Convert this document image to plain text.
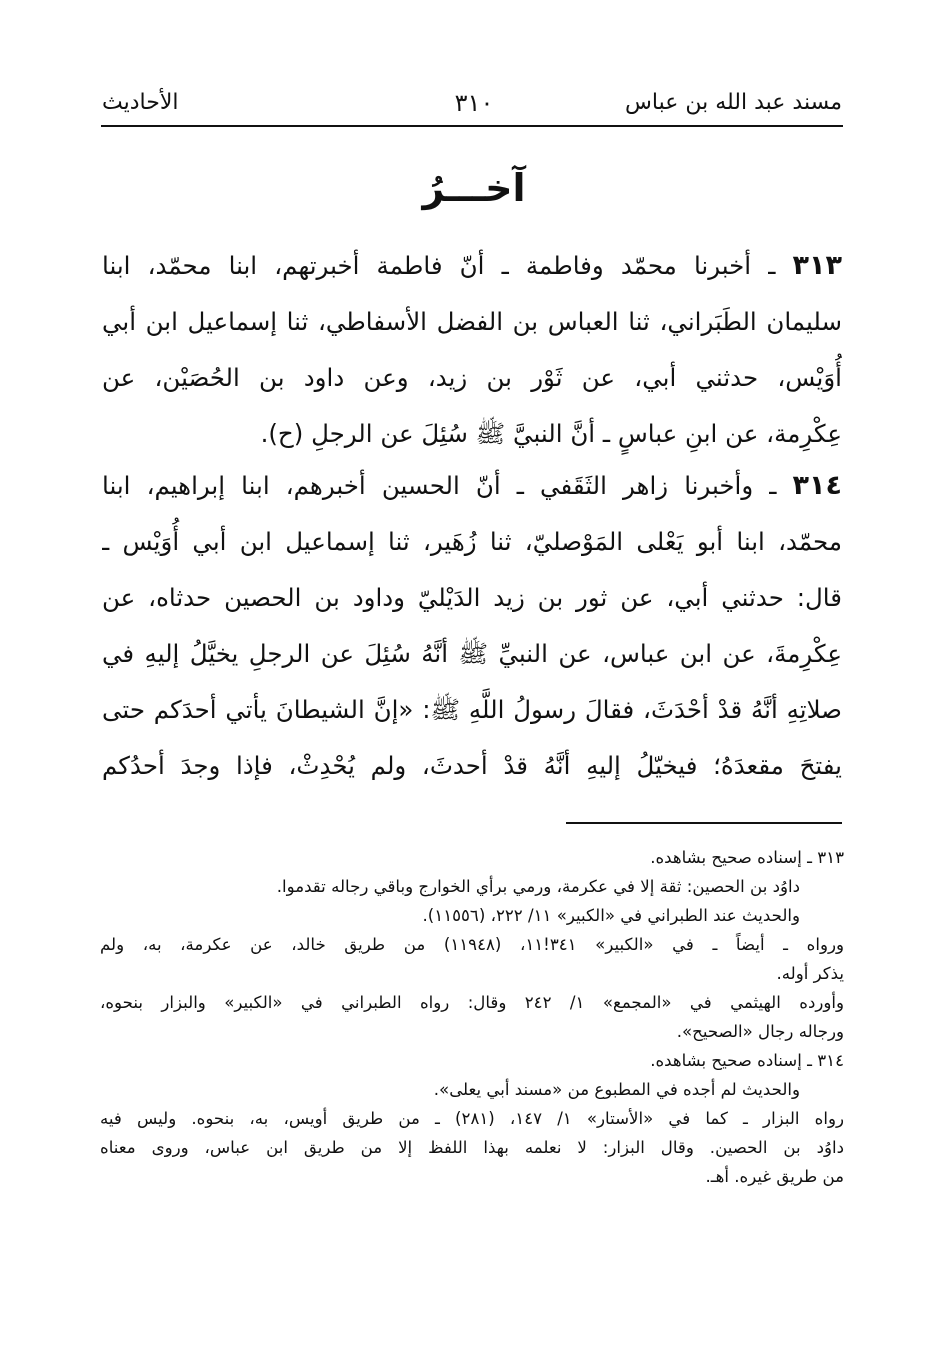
مسند عبد الله بن عباس
٣١٠
الأحاديث
آخـــرُ
٣١٣ ـ أخبرنا محمّد وفاطمة ـ أنّ فاطمة أخبرتهم، ابنا محمّد، ابنا
سليمان الطَبَراني، ثنا العباس بن الفضل الأسفاطي، ثنا إسماعيل ابن أبي
أُوَيْس، حدثني أبي، عن ثَوْر بن زيد، وعن داود بن الحُصَيْن، عن
عِكْرِمة، عن ابنِ عباسٍ ـ أنَّ النبيَّ ﷺ سُئِلَ عن الرجلِ (ح).
٣١٤ ـ وأخبرنا زاهر الثَقَفي ـ أنّ الحسين أخبرهم، ابنا إبراهيم، ابنا
محمّد، ابنا أبو يَعْلى المَوْصليّ، ثنا زُهَير، ثنا إسماعيل ابن أبي أُوَيْس ـ
قال: حدثني أبي، عن ثور بن زيد الدَيْليّ وداود بن الحصين حدثاه، عن
عِكْرِمةَ، عن ابن عباس، عن النبيِّ ﷺ أنَّهُ سُئِلَ عن الرجلِ يخيَّلُ إليهِ في
صلاتِهِ أنَّهُ قدْ أحْدَثَ، فقالَ رسولُ اللَّهِ ﷺ: «إنَّ الشيطانَ يأتي أحدَكم حتى
يفتحَ مقعدَهُ؛ فيخيّلُ إليهِ أنَّهُ قدْ أحدثَ، ولم يُحْدِثْ، فإذا وجدَ أحدُكم
٣١٣ ـ إسناده صحيح بشاهده.
داوُد بن الحصين: ثقة إلا في عكرمة، ورمي برأي الخوارج وباقي رجاله تقدموا.
والحديث عند الطبراني في «الكبير» ١١/ ٢٢٢، (١١٥٥٦).
ورواه ـ أيضاً ـ في «الكبير» ٣٤١!١١، (١١٩٤٨) من طريق خالد، عن عكرمة، به، ولم
يذكر أوله.
وأورده الهيثمي في «المجمع» ١/ ٢٤٢ وقال: رواه الطبراني في «الكبير» والبزار بنحوه،
ورجاله رجال «الصحيح».
٣١٤ ـ إسناده صحيح بشاهده.
والحديث لم أجده في المطبوع من «مسند أبي يعلى».
رواه البزار ـ كما في «الأستار» ١/ ١٤٧، (٢٨١) ـ من طريق أويس، به، بنحوه. وليس فيه
داوُد بن الحصين. وقال البزار: لا نعلمه بهذا اللفظ إلا من طريق ابن عباس، وروى معناه
من طريق غيره. أهـ.
